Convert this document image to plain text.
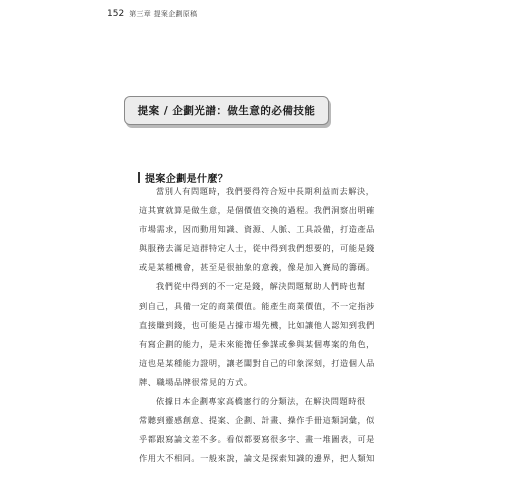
152 第三章 提案企劃原稿
提案 / 企劃光譜：做生意的必備技能
提案企劃是什麼？
當別人有問題時，我們要得符合短中長期利益而去解決，
這其實就算是做生意，是個價值交換的過程。我們洞察出明確
市場需求，因而動用知識、資源、人脈、工具設備，打造產品
與服務去滿足這群特定人士，從中得到我們想要的，可能是錢
或是某種機會，甚至是很抽象的意義，像是加入賽局的籌碼。
我們從中得到的不一定是錢，解決問題幫助人們時也幫
到自己，具備一定的商業價值。能產生商業價值，不一定指涉
直接賺到錢，也可能是占據市場先機，比如讓他人認知到我們
有寫企劃的能力，是未來能擔任參謀或參與某個專案的角色，
這也是某種能力證明，讓老闆對自己的印象深刻，打造個人品
牌、職場品牌很常見的方式。
依據日本企劃專家高橋憲行的分類法，在解決問題時很
常聽到靈感創意、提案、企劃、計畫、操作手冊這類詞彙，似
乎都跟寫論文差不多。看似都要寫很多字、畫一堆圖表，可是
作用大不相同。一般來說，論文是探索知識的邊界，把人類知
